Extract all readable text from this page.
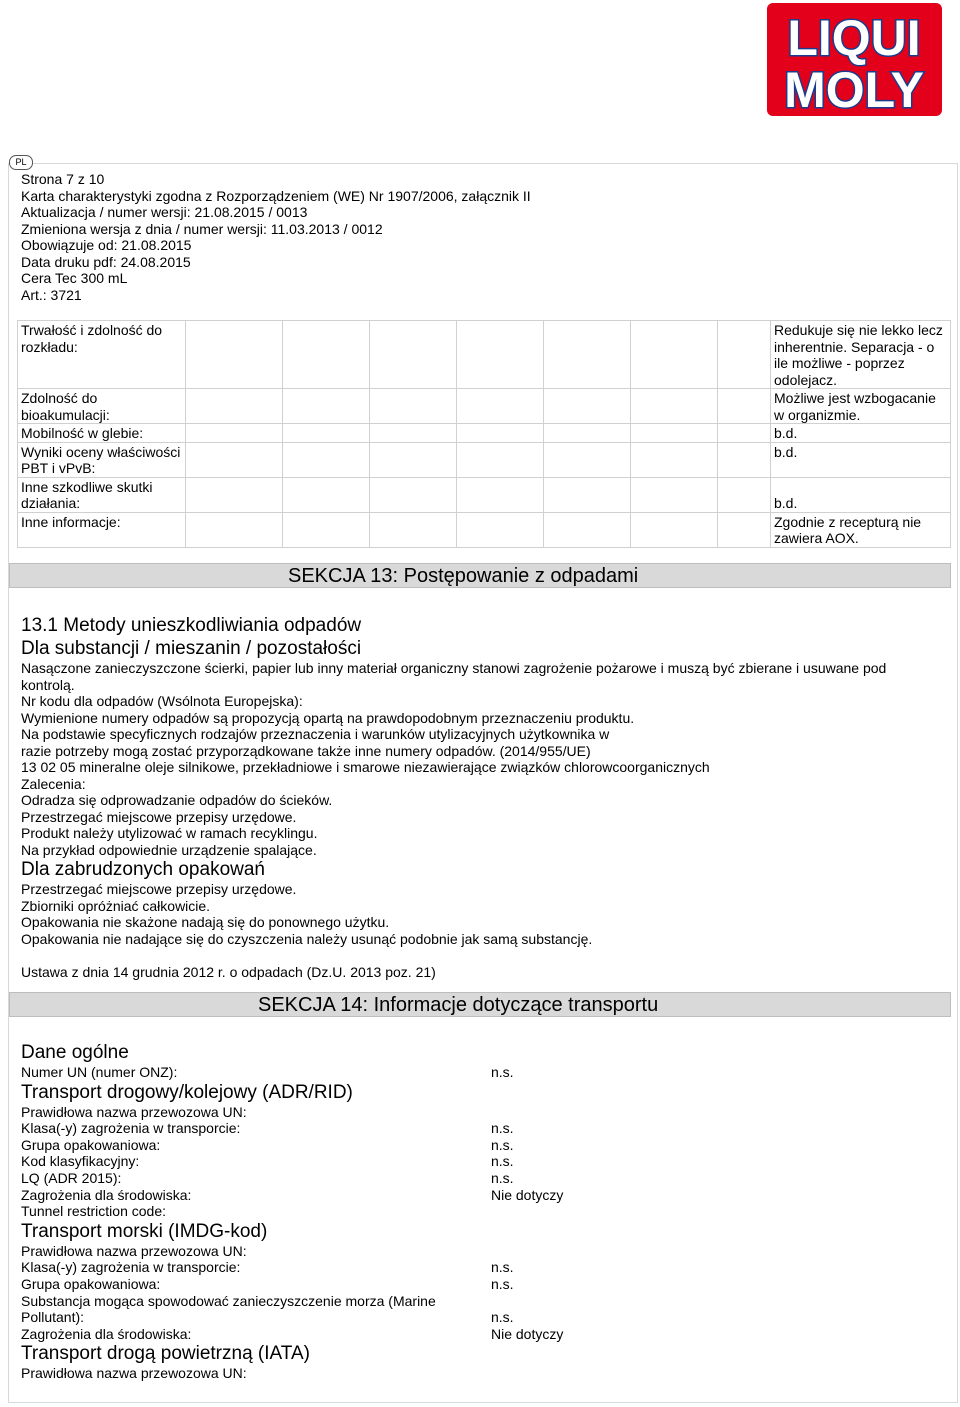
LIQUI
MOLY
PL
Strona 7 z 10
Karta charakterystyki zgodna z Rozporządzeniem (WE) Nr 1907/2006, załącznik II
Aktualizacja / numer wersji: 21.08.2015 / 0013
Zmieniona wersja z dnia / numer wersji: 11.03.2013 / 0012
Obowiązuje od: 21.08.2015
Data druku pdf: 24.08.2015
Cera Tec 300 mL
Art.: 3721
Trwałość i zdolność do rozkładu:								Redukuje się nie lekko lecz inherentnie. Separacja - o ile możliwe - poprzez odolejacz.
Zdolność do bioakumulacji:								Możliwe jest wzbogacanie w organizmie.
Mobilność w glebie:								b.d.
Wyniki oceny właściwości PBT i vPvB:								b.d.
Inne szkodliwe skutki działania:								b.d.
Inne informacje:								Zgodnie z recepturą nie zawiera AOX.
SEKCJA 13: Postępowanie z odpadami
13.1 Metody unieszkodliwiania odpadów
Dla substancji / mieszanin / pozostałości
Nasączone zanieczyszczone ścierki, papier lub inny materiał organiczny stanowi zagrożenie pożarowe i muszą być zbierane i usuwane pod kontrolą.
Nr kodu dla odpadów (Wsólnota Europejska):
Wymienione numery odpadów są propozycją opartą na prawdopodobnym przeznaczeniu produktu.
Na podstawie specyficznych rodzajów przeznaczenia i warunków utylizacyjnych użytkownika w
razie potrzeby mogą zostać przyporządkowane także inne numery odpadów. (2014/955/UE)
13 02 05 mineralne oleje silnikowe, przekładniowe i smarowe niezawierające związków chlorowcoorganicznych
Zalecenia:
Odradza się odprowadzanie odpadów do ścieków.
Przestrzegać miejscowe przepisy urzędowe.
Produkt należy utylizować w ramach recyklingu.
Na przykład odpowiednie urządzenie spalające.
Dla zabrudzonych opakowań
Przestrzegać miejscowe przepisy urzędowe.
Zbiorniki opróżniać całkowicie.
Opakowania nie skażone nadają się do ponownego użytku.
Opakowania nie nadające się do czyszczenia należy usunąć podobnie jak samą substancję.
Ustawa z dnia 14 grudnia 2012 r. o odpadach (Dz.U. 2013 poz. 21)
SEKCJA 14: Informacje dotyczące transportu
Dane ogólne
Numer UN (numer ONZ):	n.s.
Transport drogowy/kolejowy (ADR/RID)
Prawidłowa nazwa przewozowa UN:
Klasa(-y) zagrożenia w transporcie:	n.s.
Grupa opakowaniowa:	n.s.
Kod klasyfikacyjny:	n.s.
LQ (ADR 2015):	n.s.
Zagrożenia dla środowiska:	Nie dotyczy
Tunnel restriction code:
Transport morski (IMDG-kod)
Prawidłowa nazwa przewozowa UN:
Klasa(-y) zagrożenia w transporcie:	n.s.
Grupa opakowaniowa:	n.s.
Substancja mogąca spowodować zanieczyszczenie morza (Marine Pollutant):	n.s.
Zagrożenia dla środowiska:	Nie dotyczy
Transport drogą powietrzną (IATA)
Prawidłowa nazwa przewozowa UN:
